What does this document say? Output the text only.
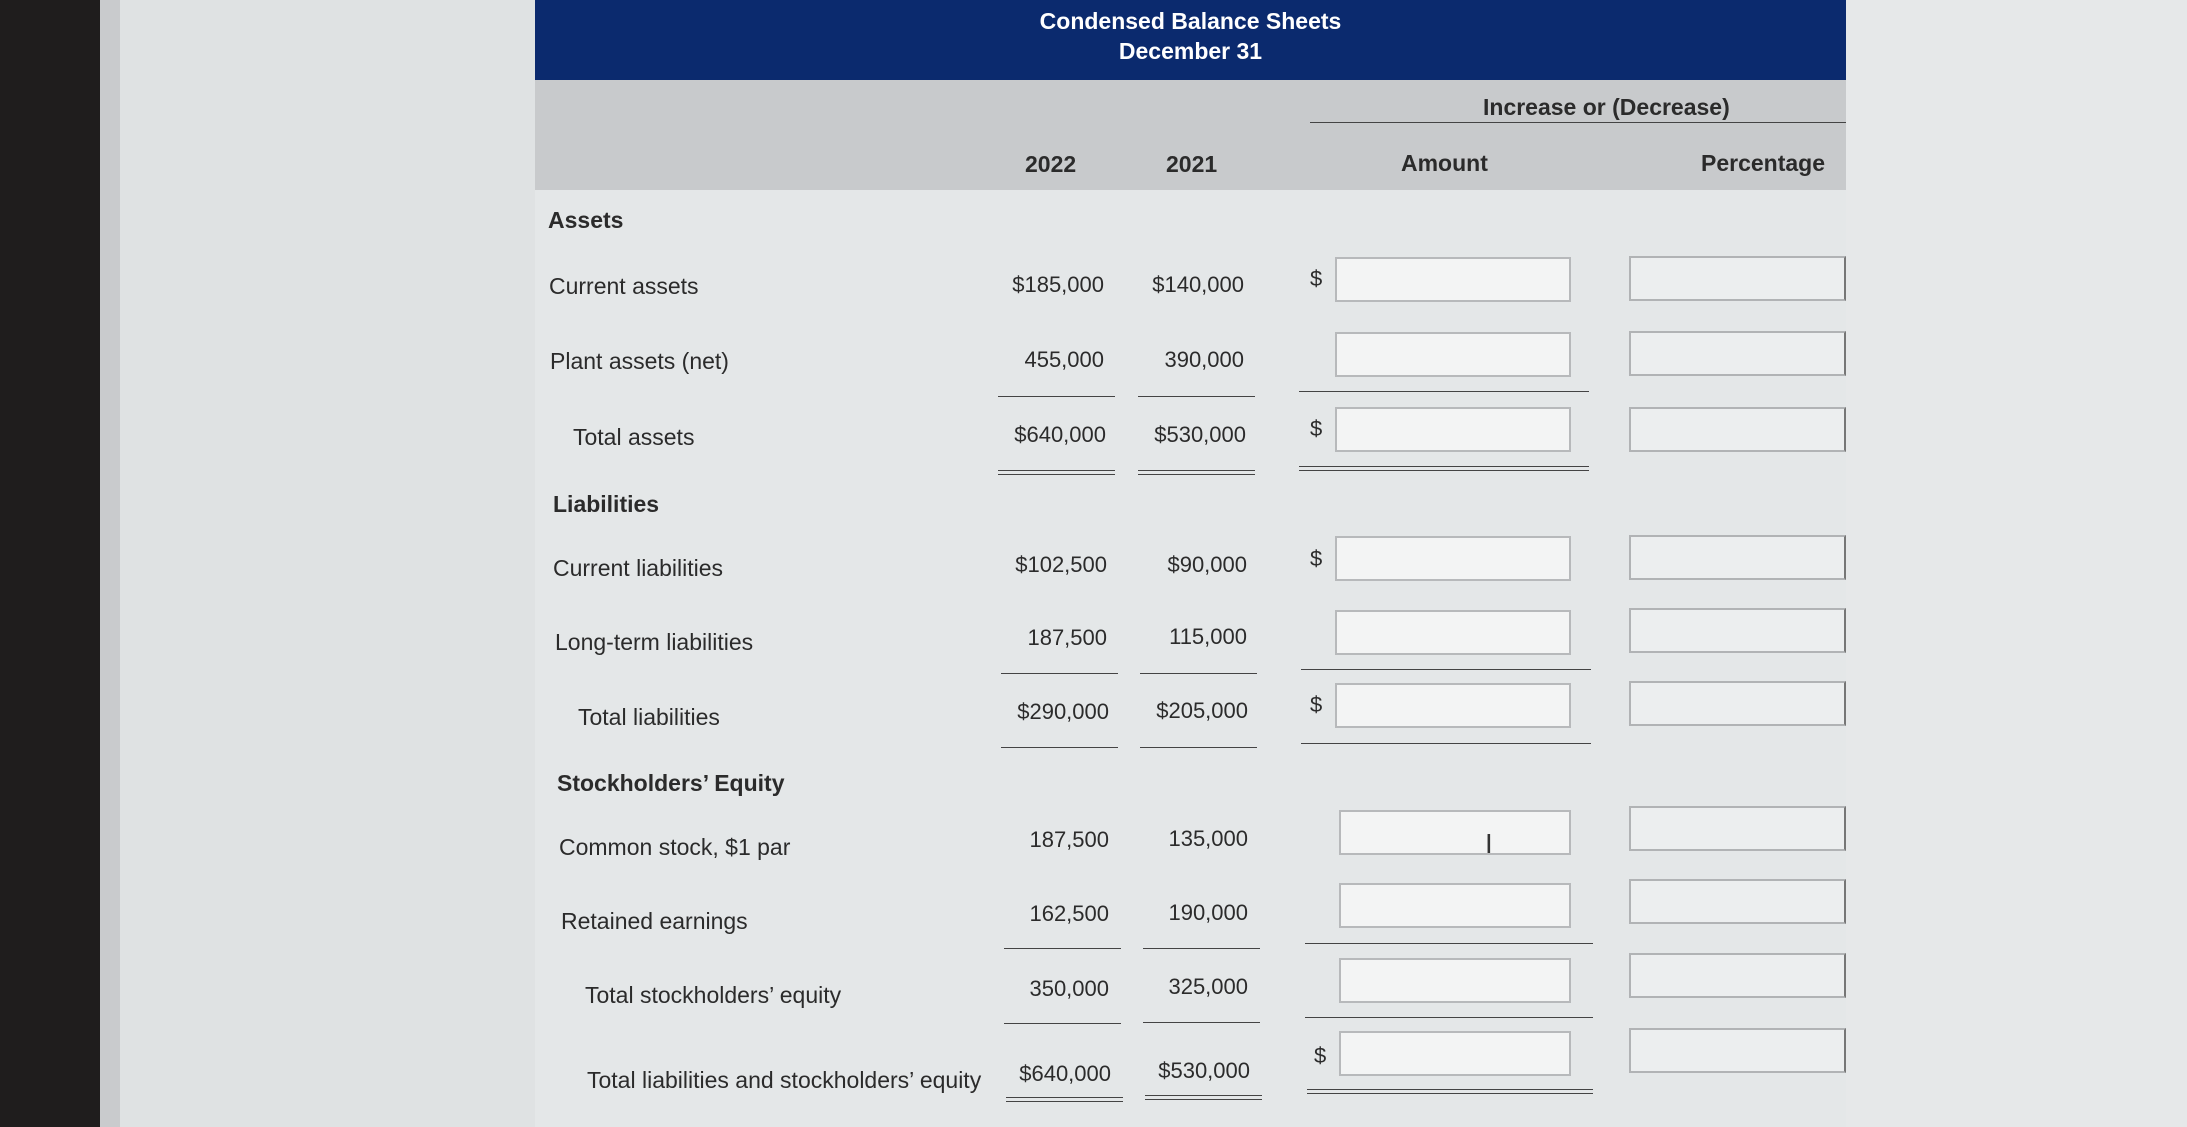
Condensed Balance Sheets
December 31
Increase or (Decrease)
2022	2021	Amount	Percentage
Assets
Current assets	$185,000	$140,000	$
Plant assets (net)	455,000	390,000
Total assets	$640,000	$530,000	$
Liabilities
Current liabilities	$102,500	$90,000	$
Long-term liabilities	187,500	115,000
Total liabilities	$290,000	$205,000	$
Stockholders’ Equity
Common stock, $1 par	187,500	135,000	I
Retained earnings	162,500	190,000
Total stockholders’ equity	350,000	325,000
Total liabilities and stockholders’ equity	$640,000	$530,000
$
